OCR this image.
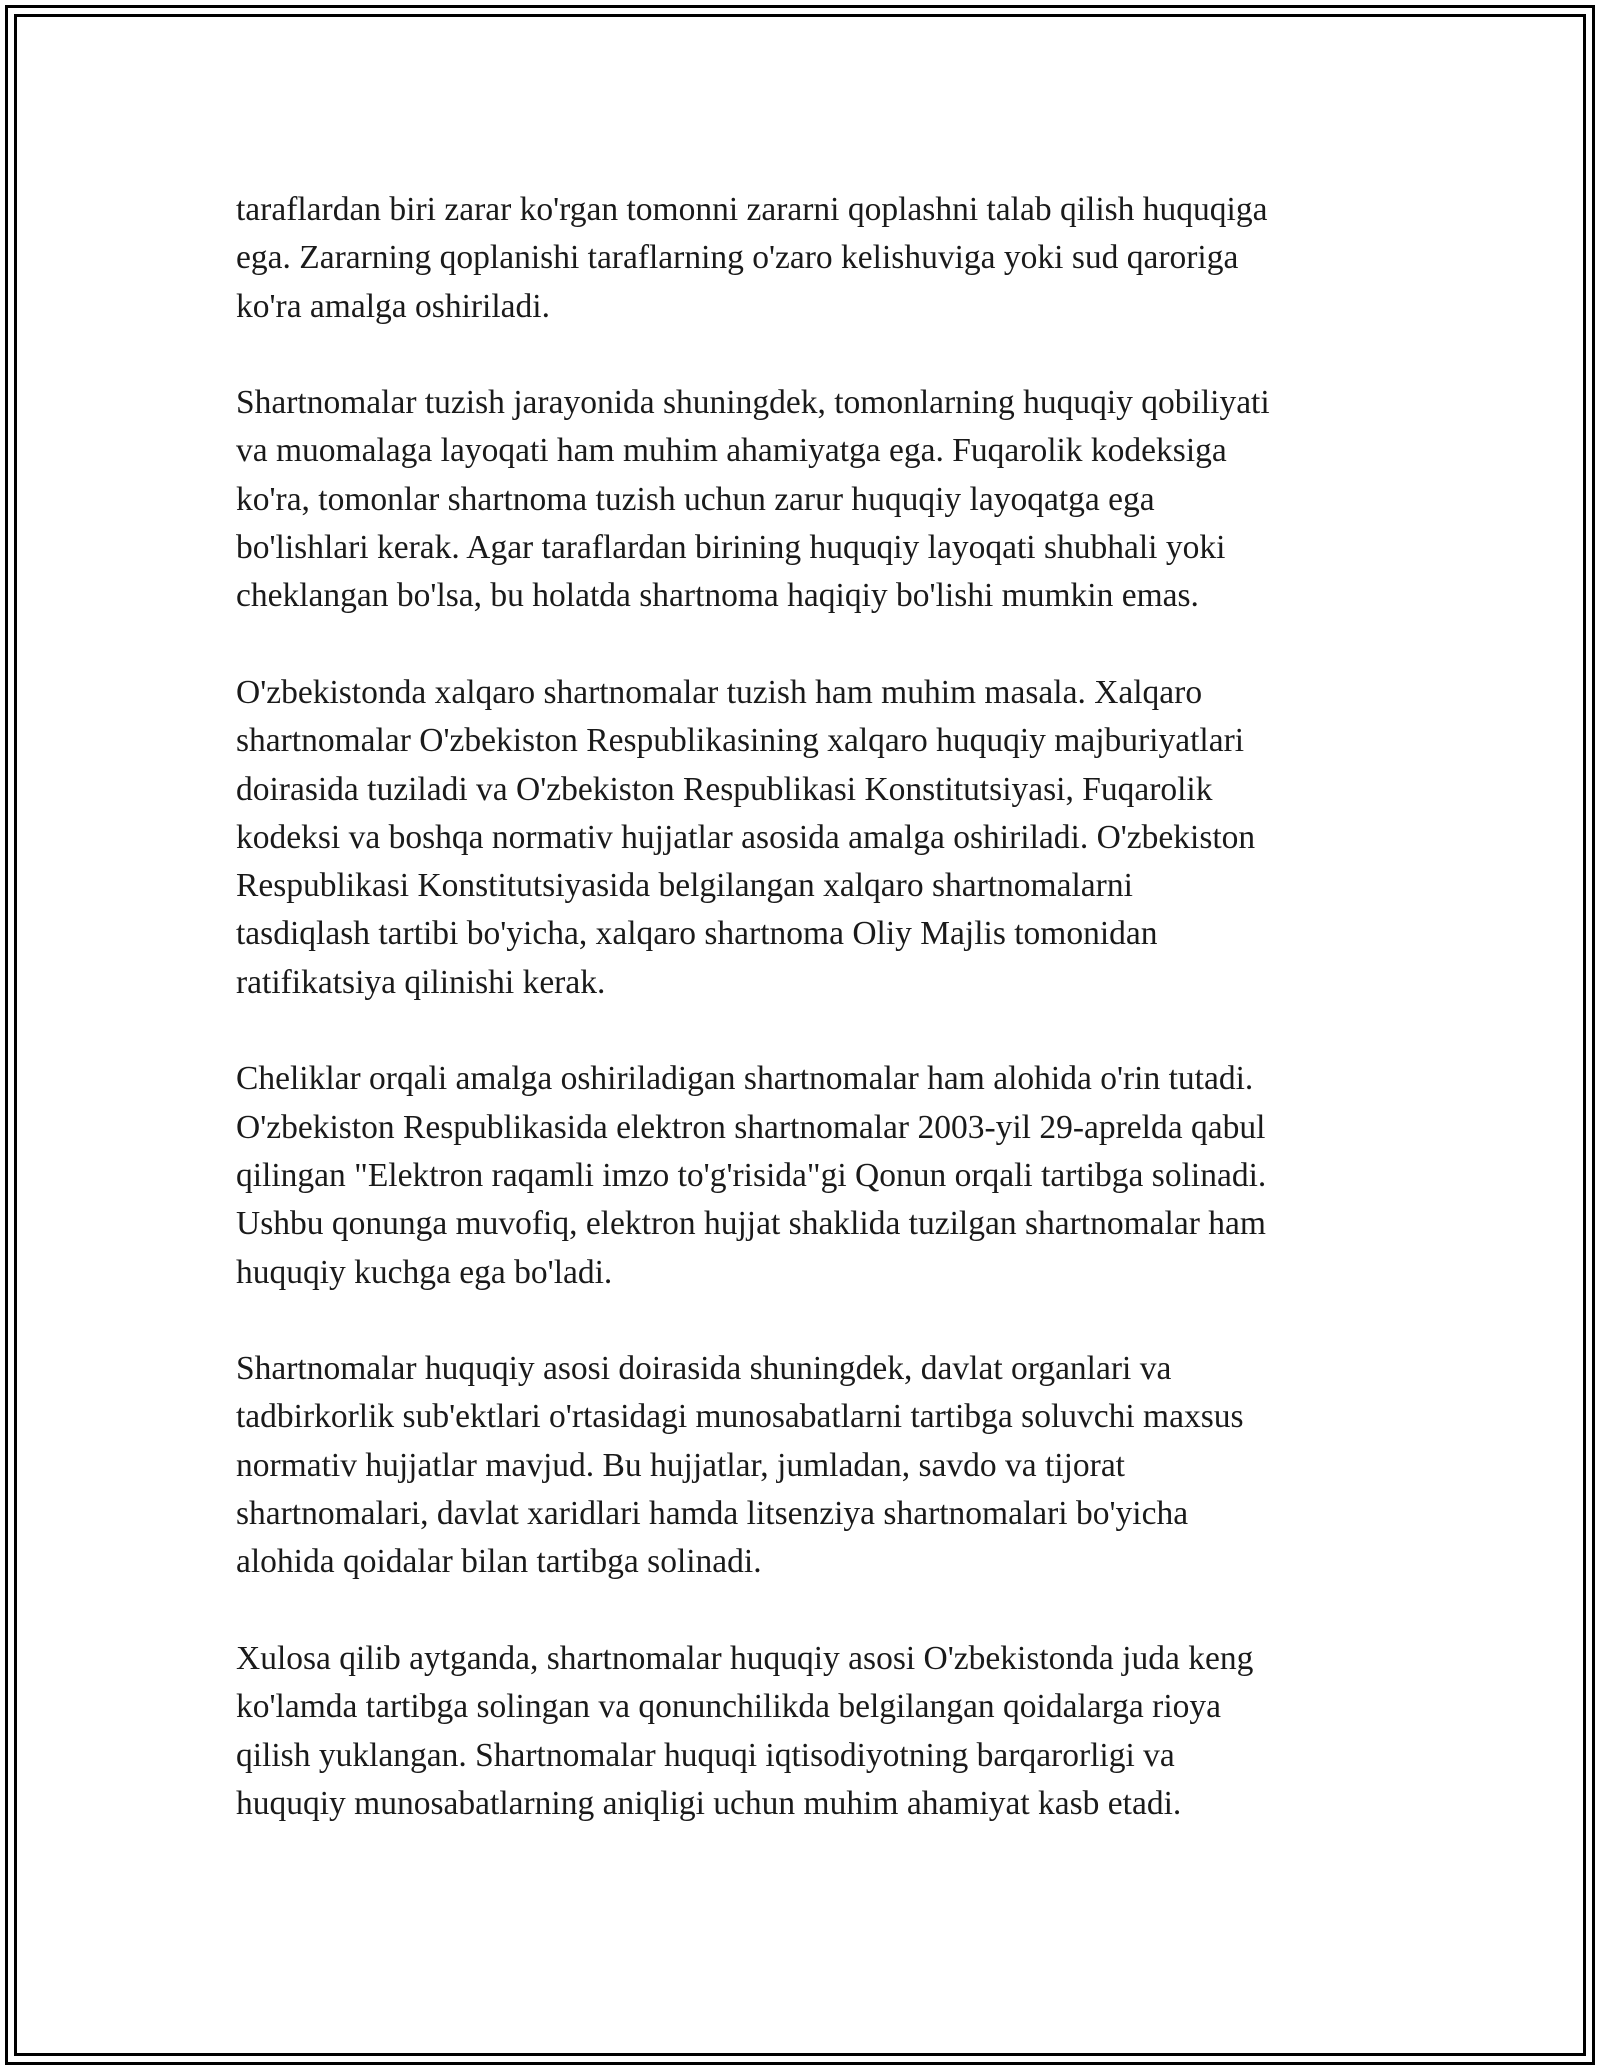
taraflardan biri zarar ko'rgan tomonni zararni qoplashni talab qilish huquqiga
ega. Zararning qoplanishi taraflarning o'zaro kelishuviga yoki sud qaroriga
ko'ra amalga oshiriladi.

Shartnomalar tuzish jarayonida shuningdek, tomonlarning huquqiy qobiliyati
va muomalaga layoqati ham muhim ahamiyatga ega. Fuqarolik kodeksiga
ko'ra, tomonlar shartnoma tuzish uchun zarur huquqiy layoqatga ega
bo'lishlari kerak. Agar taraflardan birining huquqiy layoqati shubhali yoki
cheklangan bo'lsa, bu holatda shartnoma haqiqiy bo'lishi mumkin emas.

O'zbekistonda xalqaro shartnomalar tuzish ham muhim masala. Xalqaro
shartnomalar O'zbekiston Respublikasining xalqaro huquqiy majburiyatlari
doirasida tuziladi va O'zbekiston Respublikasi Konstitutsiyasi, Fuqarolik
kodeksi va boshqa normativ hujjatlar asosida amalga oshiriladi. O'zbekiston
Respublikasi Konstitutsiyasida belgilangan xalqaro shartnomalarni
tasdiqlash tartibi bo'yicha, xalqaro shartnoma Oliy Majlis tomonidan
ratifikatsiya qilinishi kerak.

Cheliklar orqali amalga oshiriladigan shartnomalar ham alohida o'rin tutadi.
O'zbekiston Respublikasida elektron shartnomalar 2003-yil 29-aprelda qabul
qilingan "Elektron raqamli imzo to'g'risida"gi Qonun orqali tartibga solinadi.
Ushbu qonunga muvofiq, elektron hujjat shaklida tuzilgan shartnomalar ham
huquqiy kuchga ega bo'ladi.

Shartnomalar huquqiy asosi doirasida shuningdek, davlat organlari va
tadbirkorlik sub'ektlari o'rtasidagi munosabatlarni tartibga soluvchi maxsus
normativ hujjatlar mavjud. Bu hujjatlar, jumladan, savdo va tijorat
shartnomalari, davlat xaridlari hamda litsenziya shartnomalari bo'yicha
alohida qoidalar bilan tartibga solinadi.

Xulosa qilib aytganda, shartnomalar huquqiy asosi O'zbekistonda juda keng
ko'lamda tartibga solingan va qonunchilikda belgilangan qoidalarga rioya
qilish yuklangan. Shartnomalar huquqi iqtisodiyotning barqarorligi va
huquqiy munosabatlarning aniqligi uchun muhim ahamiyat kasb etadi.
